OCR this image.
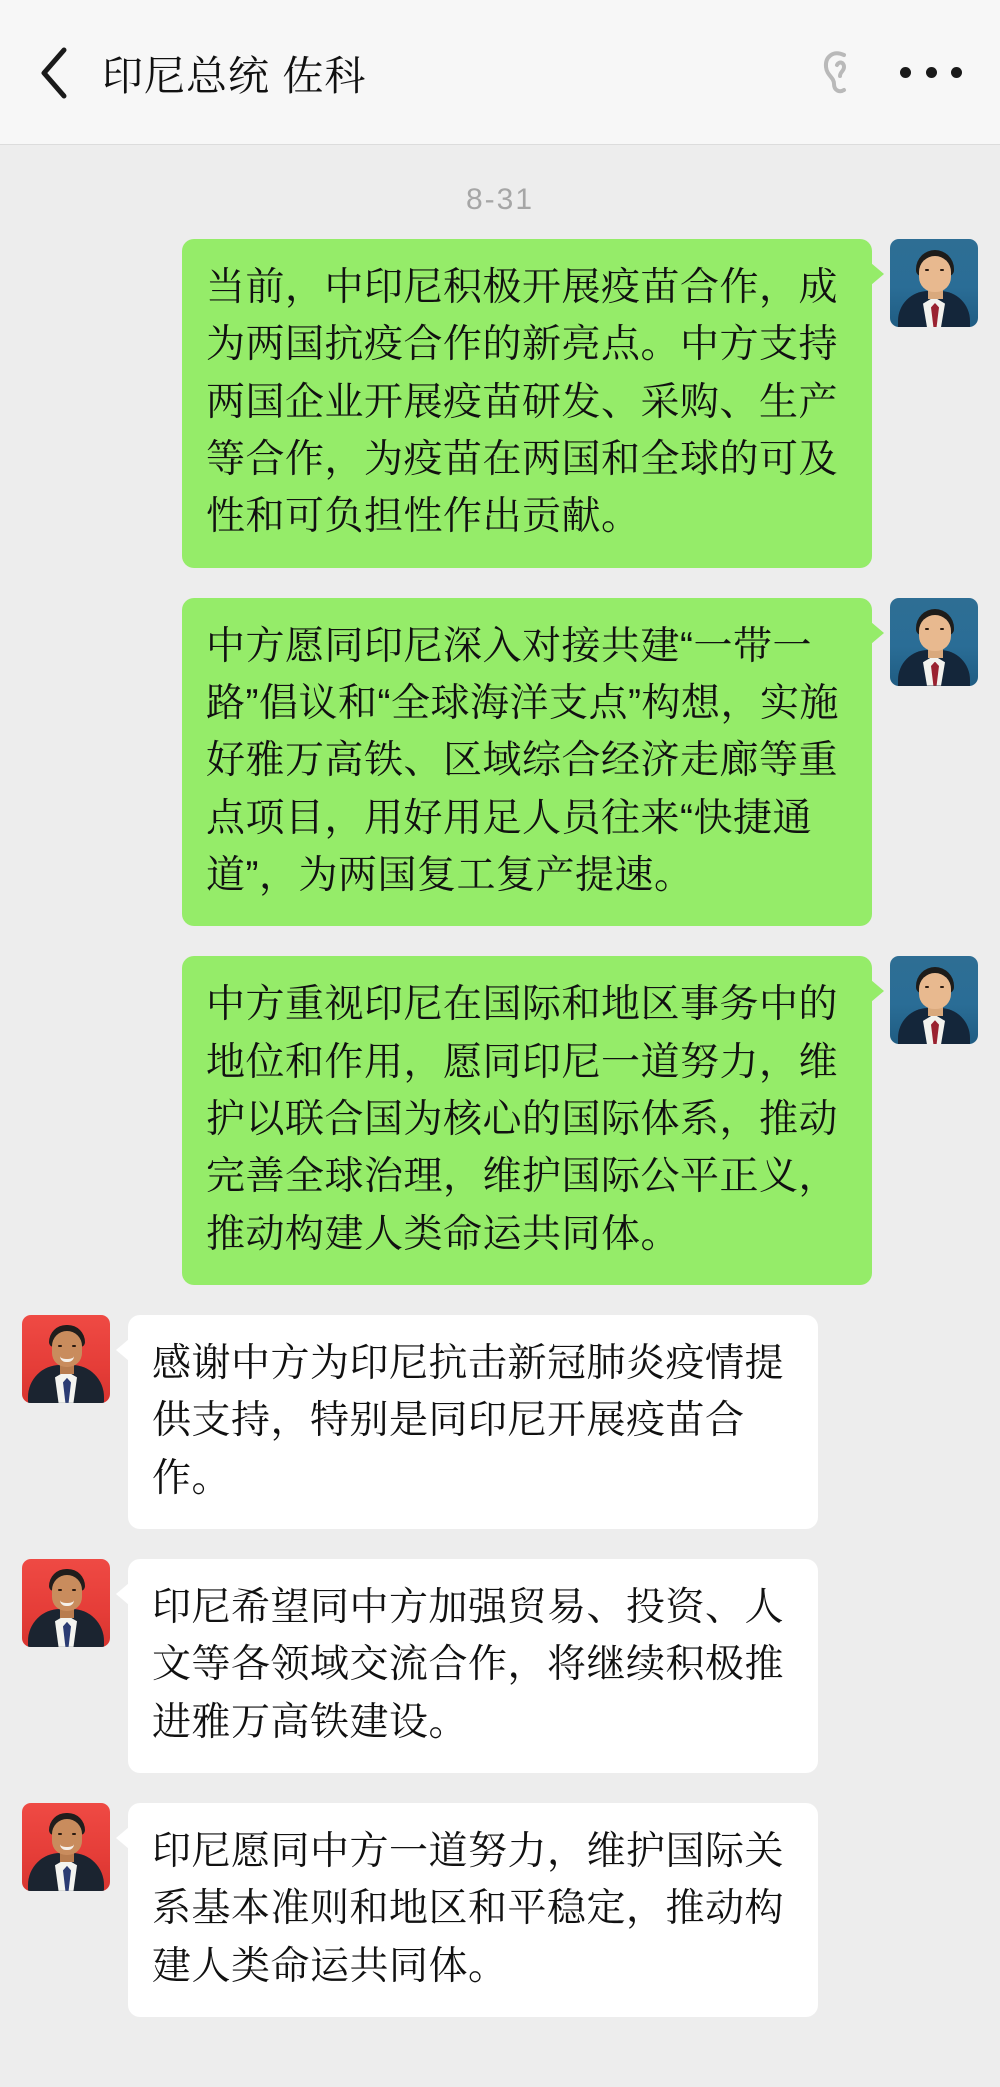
印尼总统 佐科
8-31
当前，中印尼积极开展疫苗合作，成为两国抗疫合作的新亮点。中方支持两国企业开展疫苗研发、采购、生产等合作，为疫苗在两国和全球的可及性和可负担性作出贡献。
中方愿同印尼深入对接共建“一带一路”倡议和“全球海洋支点”构想，实施好雅万高铁、区域综合经济走廊等重点项目，用好用足人员往来“快捷通道”，为两国复工复产提速。
中方重视印尼在国际和地区事务中的地位和作用，愿同印尼一道努力，维护以联合国为核心的国际体系，推动完善全球治理，维护国际公平正义，推动构建人类命运共同体。
感谢中方为印尼抗击新冠肺炎疫情提供支持，特别是同印尼开展疫苗合作。
印尼希望同中方加强贸易、投资、人文等各领域交流合作，将继续积极推进雅万高铁建设。
印尼愿同中方一道努力，维护国际关系基本准则和地区和平稳定，推动构建人类命运共同体。
